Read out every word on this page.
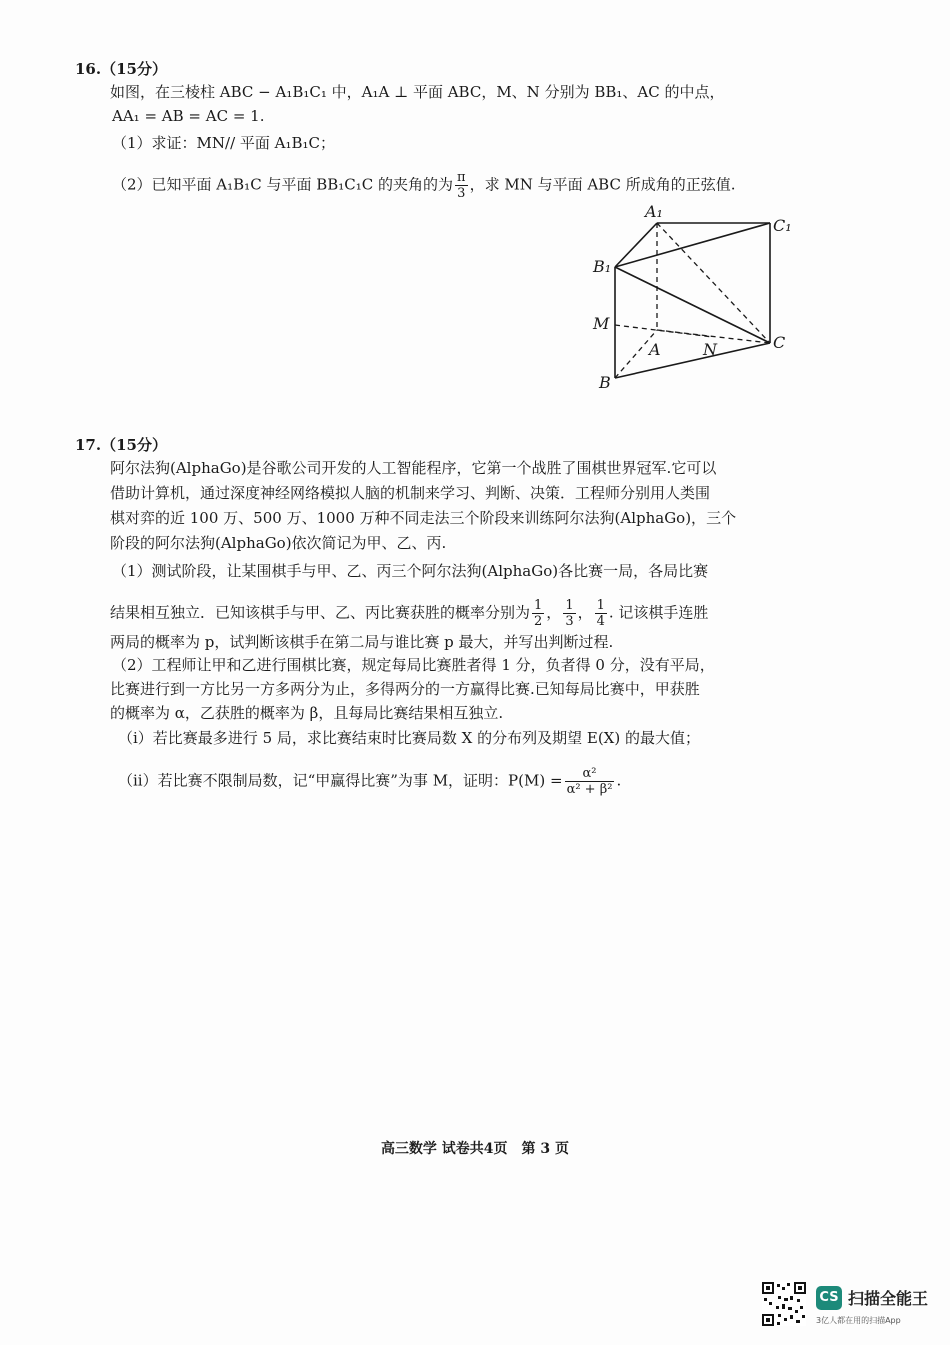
16.（15分）
如图，在三棱柱 ABC − A₁B₁C₁ 中，A₁A ⊥ 平面 ABC，M、N 分别为 BB₁、AC 的中点，
AA₁ = AB = AC = 1.
（1）求证：MN// 平面 A₁B₁C；
（2）已知平面 A₁B₁C 与平面 BB₁C₁C 的夹角的为 $\frac{\pi}{3}$ ，求 MN 与平面 ABC 所成角的正弦值.
A₁
C₁
B₁
M
A	N	C
B
17.（15分）
阿尔法狗(AlphaGo)是谷歌公司开发的人工智能程序，它第一个战胜了围棋世界冠军.它可以
借助计算机，通过深度神经网络模拟人脑的机制来学习、判断、决策．工程师分别用人类围
棋对弈的近 100 万、500 万、1000 万种不同走法三个阶段来训练阿尔法狗(AlphaGo)，三个
阶段的阿尔法狗(AlphaGo)依次简记为甲、乙、丙.
（1）测试阶段，让某围棋手与甲、乙、丙三个阿尔法狗(AlphaGo)各比赛一局，各局比赛
结果相互独立．已知该棋手与甲、乙、丙比赛获胜的概率分别为 $\frac{1}{2}$ ， $\frac{1}{3}$ ， $\frac{1}{4}$ . 记该棋手连胜
两局的概率为 p，试判断该棋手在第二局与谁比赛 p 最大，并写出判断过程.
（2）工程师让甲和乙进行围棋比赛，规定每局比赛胜者得 1 分，负者得 0 分，没有平局，
比赛进行到一方比另一方多两分为止，多得两分的一方赢得比赛.已知每局比赛中，甲获胜
的概率为 α，乙获胜的概率为 β，且每局比赛结果相互独立.
（i）若比赛最多进行 5 局，求比赛结束时比赛局数 X 的分布列及期望 E(X) 的最大值；
（ii）若比赛不限制局数，记“甲赢得比赛”为事 M，证明：$P(M) = \frac{\text{α²}}{\text{α² + β²}}$ .
高三数学 试卷共4页　第 3 页
CS 扫描全能王
3亿人都在用的扫描App
